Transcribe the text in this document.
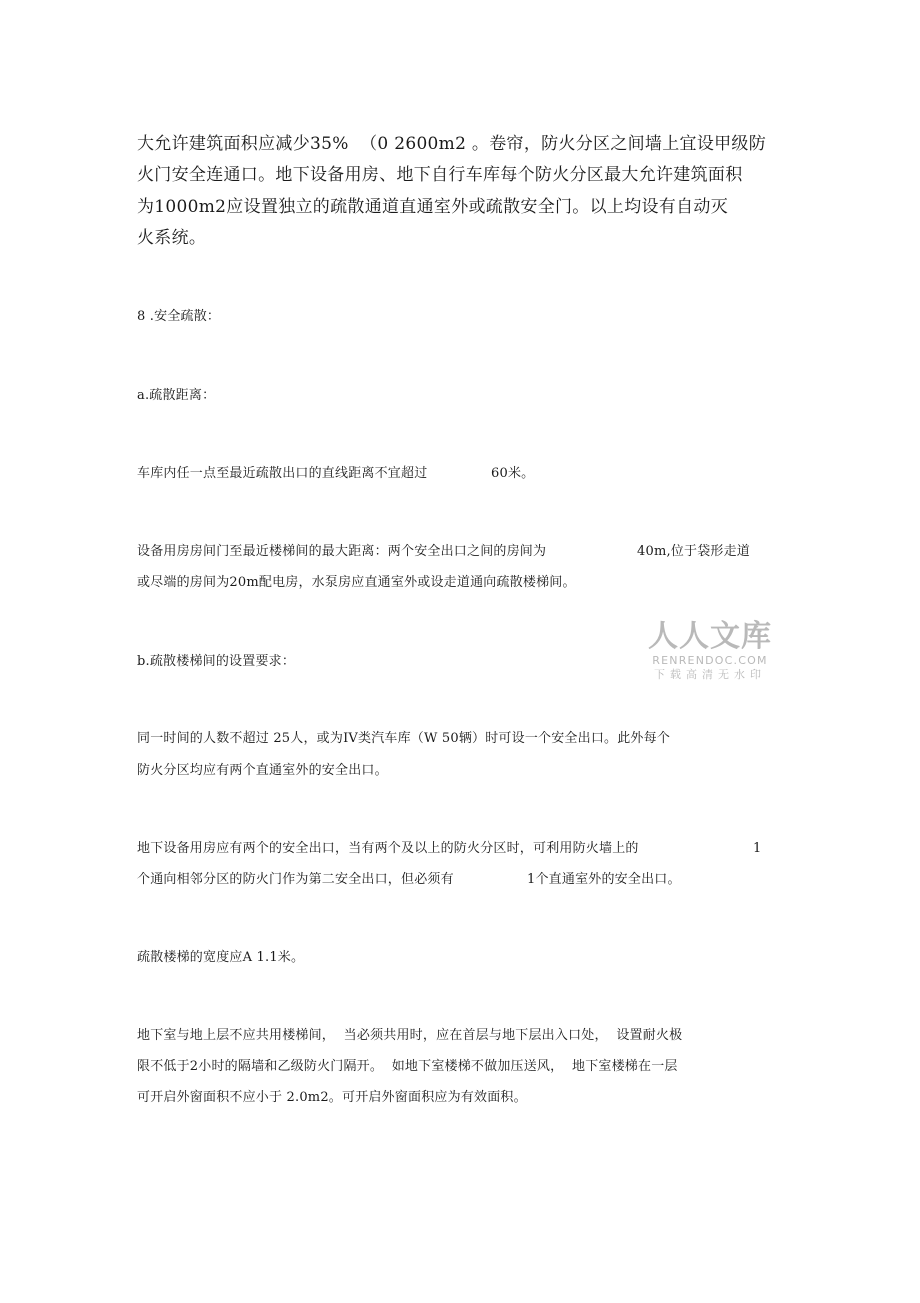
大允许建筑面积应减少35%  （0 2600m2 。卷帘，防火分区之间墙上宜设甲级防
火门安全连通口。地下设备用房、地下自行车库每个防火分区最大允许建筑面积
为1000m2应设置独立的疏散通道直通室外或疏散安全门。以上均设有自动灭
火系统。
8 .安全疏散：
a.疏散距离：
车库内任一点至最近疏散出口的直线距离不宜超过	60米。
设备用房房间门至最近楼梯间的最大距离：两个安全出口之间的房间为	40m,位于袋形走道
或尽端的房间为20m配电房，水泵房应直通室外或设走道通向疏散楼梯间。
b.疏散楼梯间的设置要求：
同一时间的人数不超过 25人，或为IV类汽车库（W 50辆）时可设一个安全出口。此外每个
防火分区均应有两个直通室外的安全出口。
地下设备用房应有两个的安全出口，当有两个及以上的防火分区时，可利用防火墙上的	1
个通向相邻分区的防火门作为第二安全出口，但必须有	1个直通室外的安全出口。
疏散楼梯的宽度应A 1.1米。
地下室与地上层不应共用楼梯间，  当必须共用时，应在首层与地下层出入口处，  设置耐火极
限不低于2小时的隔墙和乙级防火门隔开。  如地下室楼梯不做加压送风，  地下室楼梯在一层
可开启外窗面积不应小于 2.0m2。可开启外窗面积应为有效面积。
人人文库
RENRENDOC.COM
下载高清无水印
